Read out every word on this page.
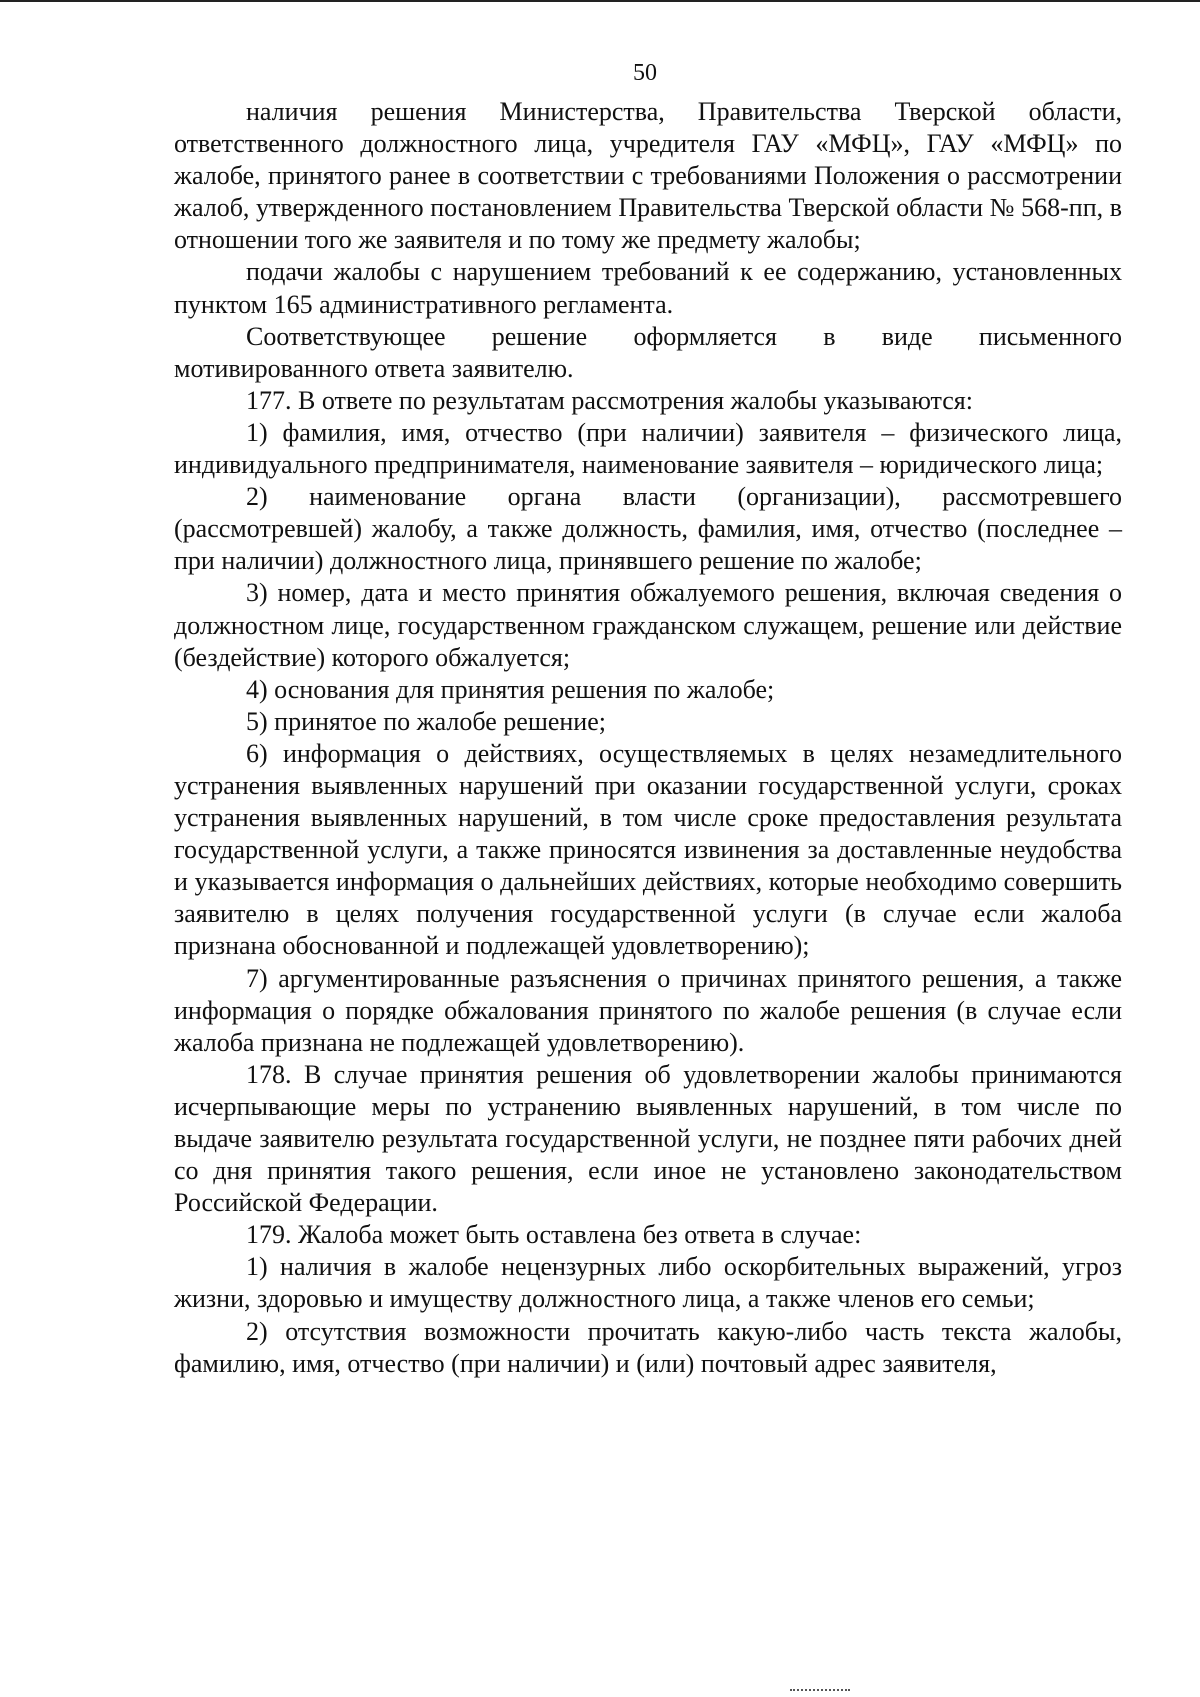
50

наличия решения Министерства, Правительства Тверской области, ответственного должностного лица, учредителя ГАУ «МФЦ», ГАУ «МФЦ» по жалобе, принятого ранее в соответствии с требованиями Положения о рассмотрении жалоб, утвержденного постановлением Правительства Тверской области № 568-пп, в отношении того же заявителя и по тому же предмету жалобы;

подачи жалобы с нарушением требований к ее содержанию, установленных пунктом 165 административного регламента.

Соответствующее решение оформляется в виде письменного мотивированного ответа заявителю.

177. В ответе по результатам рассмотрения жалобы указываются:

1) фамилия, имя, отчество (при наличии) заявителя – физического лица, индивидуального предпринимателя, наименование заявителя – юридического лица;

2) наименование органа власти (организации), рассмотревшего (рассмотревшей) жалобу, а также должность, фамилия, имя, отчество (последнее – при наличии) должностного лица, принявшего решение по жалобе;

3) номер, дата и место принятия обжалуемого решения, включая сведения о должностном лице, государственном гражданском служащем, решение или действие (бездействие) которого обжалуется;

4) основания для принятия решения по жалобе;

5) принятое по жалобе решение;

6) информация о действиях, осуществляемых в целях незамедлительного устранения выявленных нарушений при оказании государственной услуги, сроках устранения выявленных нарушений, в том числе сроке предоставления результата государственной услуги, а также приносятся извинения за доставленные неудобства и указывается информация о дальнейших действиях, которые необходимо совершить заявителю в целях получения государственной услуги (в случае если жалоба признана обоснованной и подлежащей удовлетворению);

7) аргументированные разъяснения о причинах принятого решения, а также информация о порядке обжалования принятого по жалобе решения (в случае если жалоба признана не подлежащей удовлетворению).

178. В случае принятия решения об удовлетворении жалобы принимаются исчерпывающие меры по устранению выявленных нарушений, в том числе по выдаче заявителю результата государственной услуги, не позднее пяти рабочих дней со дня принятия такого решения, если иное не установлено законодательством Российской Федерации.

179. Жалоба может быть оставлена без ответа в случае:

1) наличия в жалобе нецензурных либо оскорбительных выражений, угроз жизни, здоровью и имуществу должностного лица, а также членов его семьи;

2) отсутствия возможности прочитать какую-либо часть текста жалобы, фамилию, имя, отчество (при наличии) и (или) почтовый адрес заявителя,
